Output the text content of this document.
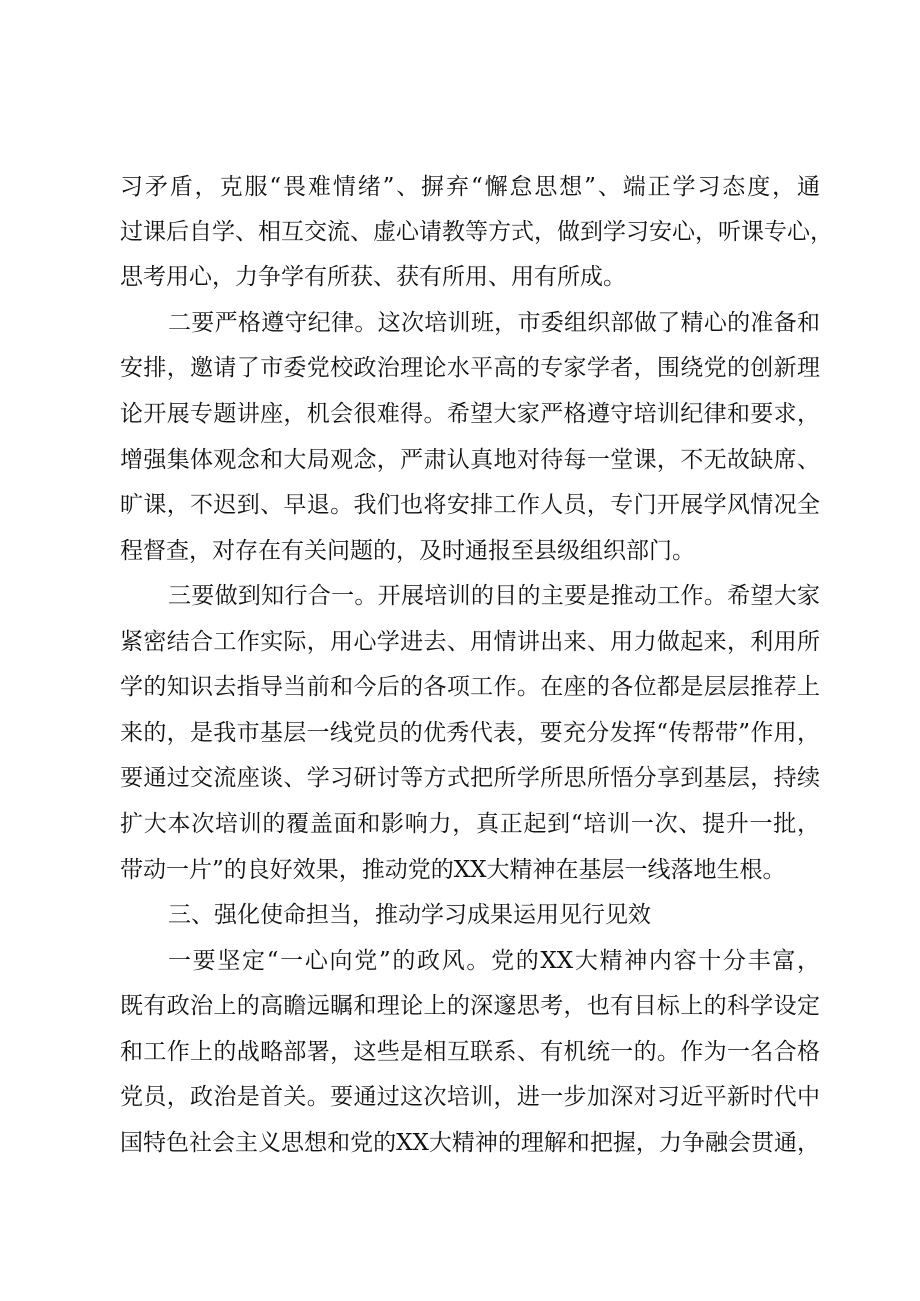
习矛盾，克服“畏难情绪”、摒弃“懈怠思想”、端正学习态度，通
过课后自学、相互交流、虚心请教等方式，做到学习安心，听课专心，
思考用心，力争学有所获、获有所用、用有所成。
二要严格遵守纪律。这次培训班，市委组织部做了精心的准备和
安排，邀请了市委党校政治理论水平高的专家学者，围绕党的创新理
论开展专题讲座，机会很难得。希望大家严格遵守培训纪律和要求，
增强集体观念和大局观念，严肃认真地对待每一堂课，不无故缺席、
旷课，不迟到、早退。我们也将安排工作人员，专门开展学风情况全
程督查，对存在有关问题的，及时通报至县级组织部门。
三要做到知行合一。开展培训的目的主要是推动工作。希望大家
紧密结合工作实际，用心学进去、用情讲出来、用力做起来，利用所
学的知识去指导当前和今后的各项工作。在座的各位都是层层推荐上
来的，是我市基层一线党员的优秀代表，要充分发挥“传帮带”作用，
要通过交流座谈、学习研讨等方式把所学所思所悟分享到基层，持续
扩大本次培训的覆盖面和影响力，真正起到“培训一次、提升一批，
带动一片”的良好效果，推动党的XX大精神在基层一线落地生根。
三、强化使命担当，推动学习成果运用见行见效
一要坚定“一心向党”的政风。党的XX大精神内容十分丰富，
既有政治上的高瞻远瞩和理论上的深邃思考，也有目标上的科学设定
和工作上的战略部署，这些是相互联系、有机统一的。作为一名合格
党员，政治是首关。要通过这次培训，进一步加深对习近平新时代中
国特色社会主义思想和党的XX大精神的理解和把握，力争融会贯通，
